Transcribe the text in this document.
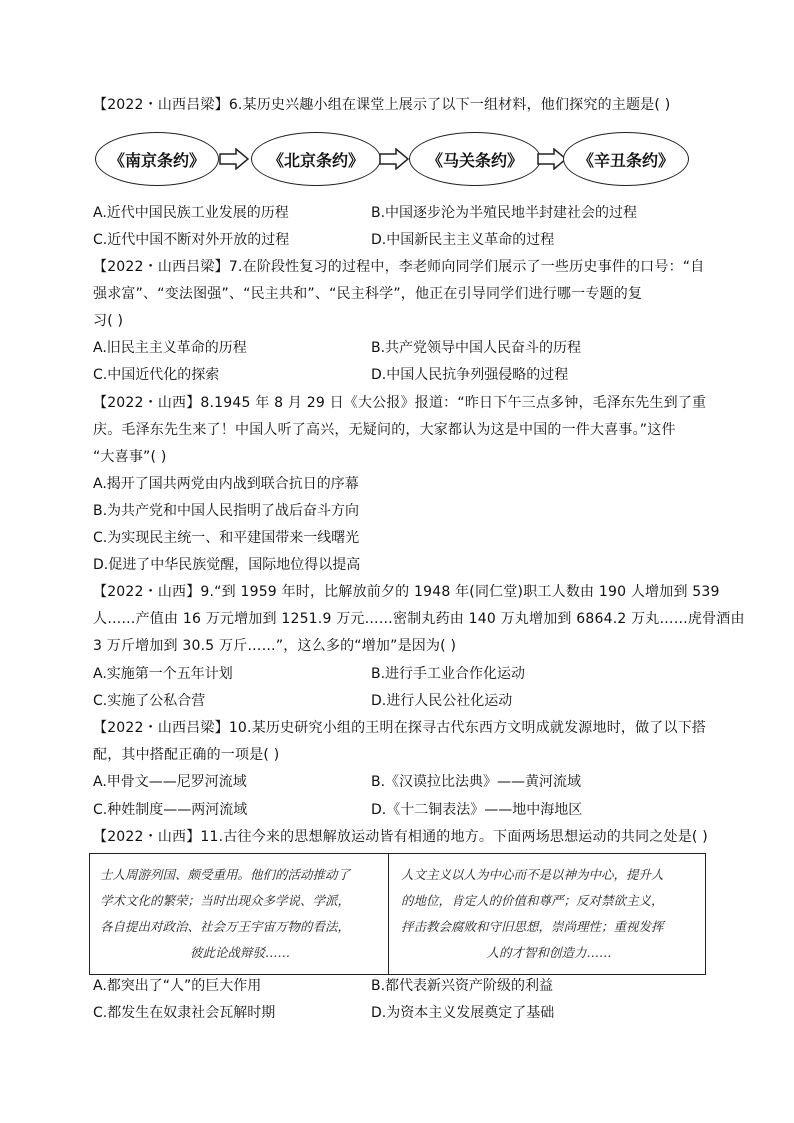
【2022・山西吕梁】6.某历史兴趣小组在课堂上展示了以下一组材料，他们探究的主题是( )
《南京条约》	《北京条约》	《马关条约》	《辛丑条约》
A.近代中国民族工业发展的历程	B.中国逐步沦为半殖民地半封建社会的过程
C.近代中国不断对外开放的过程	D.中国新民主主义革命的过程
【2022・山西吕梁】7.在阶段性复习的过程中，李老师向同学们展示了一些历史事件的口号：“自
强求富”、“变法图强”、“民主共和”、“民主科学”，他正在引导同学们进行哪一专题的复
习( )
A.旧民主主义革命的历程	B.共产党领导中国人民奋斗的历程
C.中国近代化的探索	D.中国人民抗争列强侵略的过程
【2022・山西】8.1945 年 8 月 29 日《大公报》报道：“昨日下午三点多钟，毛泽东先生到了重
庆。毛泽东先生来了！中国人听了高兴，无疑问的，大家都认为这是中国的一件大喜事。”这件
“大喜事”( )
A.揭开了国共两党由内战到联合抗日的序幕
B.为共产党和中国人民指明了战后奋斗方向
C.为实现民主统一、和平建国带来一线曙光
D.促进了中华民族觉醒，国际地位得以提高
【2022・山西】9.“到 1959 年时，比解放前夕的 1948 年(同仁堂)职工人数由 190 人增加到 539
人……产值由 16 万元增加到 1251.9 万元……密制丸药由 140 万丸增加到 6864.2 万丸……虎骨酒由
3 万斤增加到 30.5 万斤……”，这么多的“增加”是因为( )
A.实施第一个五年计划	B.进行手工业合作化运动
C.实施了公私合营	D.进行人民公社化运动
【2022・山西吕梁】10.某历史研究小组的王明在探寻古代东西方文明成就发源地时，做了以下搭
配，其中搭配正确的一项是( )
A.甲骨文——尼罗河流域	B.《汉谟拉比法典》——黄河流域
C.种姓制度——两河流域	D.《十二铜表法》——地中海地区
【2022・山西】11.古往今来的思想解放运动皆有相通的地方。下面两场思想运动的共同之处是( )
士人周游列国、颇受重用。他们的活动推动了
学术文化的繁荣；当时出现众多学说、学派，
各自提出对政治、社会万王宇宙万物的看法，
彼此论战辩驳……
人文主义以人为中心而不是以神为中心，提升人
的地位，肯定人的价值和尊严；反对禁欲主义，
抨击教会腐败和守旧思想，崇尚理性；重视发挥
人的才智和创造力……
A.都突出了“人”的巨大作用	B.都代表新兴资产阶级的利益
C.都发生在奴隶社会瓦解时期	D.为资本主义发展奠定了基础
